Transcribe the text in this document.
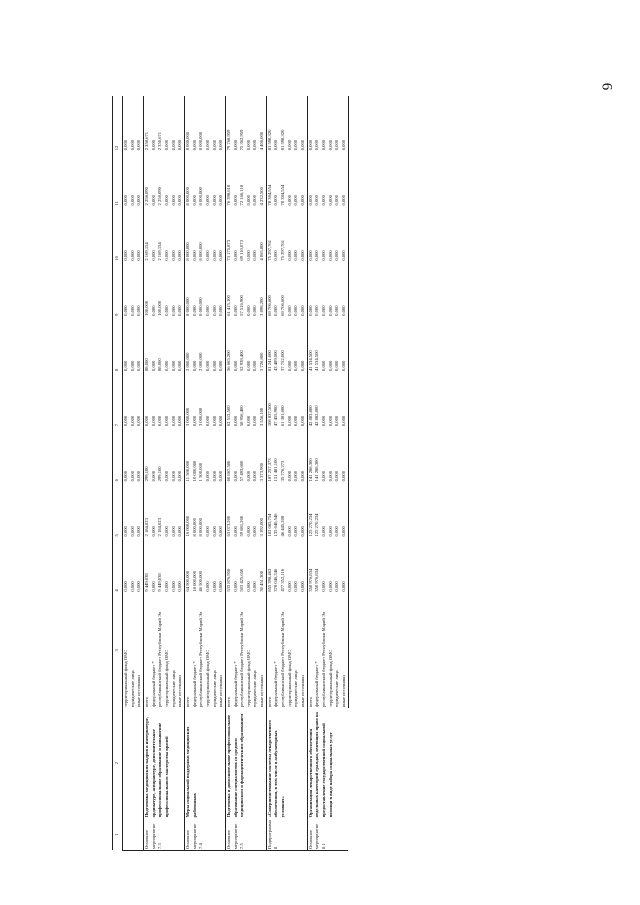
6
1	2	3	4	5	6	7	8	9	10	11	12
		территориальный фонд ОМС	0,000	0,000	0,000	0,000	0,000	0,000	0,000	0,000	0,000
		юридические лица	0,000	0,000	0,000	0,000	0,000	0,000	0,000	0,000	0,000
		иные источники	0,000	0,000	0,000	0,000	0,000	0,000	0,000	0,000	0,000
Основное мероприятие 7.3	Подготовка медицинских кадров в интернатуре, ординатуре, аспирантуре, дополнительное профессиональное образование и повышение профессионального мастерства врачей	всего	9 449,038	2 184,023	299,100	0,000	88,000	100,000	2 169,154	2 258,090	2 350,671
		федеральный бюджет *	0,000	0,000	0,000	0,000	0,000	0,000	0,000	0,000	0,000
		республиканский бюджет Республики Марий Эл	9 449,038	2 184,023	299,100	0,000	88,000	100,000	2 169,154	2 258,090	2 350,671
		территориальный фонд ОМС	0,000	0,000	0,000	0,000	0,000	0,000	0,000	0,000	0,000
		юридические лица	0,000	0,000	0,000	0,000	0,000	0,000	0,000	0,000	0,000
		иные источники	0,000	0,000	0,000	0,000	0,000	0,000	0,000	0,000	0,000
Основное мероприятие 7.4	Меры социальной поддержки медицинских работников	всего	64 500,000	16 000,000	11 500,000	3 000,000	2 000,000	8 000,000	8 000,000	8 000,000	8 000,000
		федеральный бюджет *	18 000,000	8 000,000	10 000,000	0,000	0,000	0,000	0,000	0,000	0,000
		республиканский бюджет Республики Марий Эл	46 500,000	8 000,000	1 500,000	3 000,000	2 000,000	8 000,000	8 000,000	8 000,000	8 000,000
		территориальный фонд ОМС	0,000	0,000	0,000	0,000	0,000	0,000	0,000	0,000	0,000
		юридические лица	0,000	0,000	0,000	0,000	0,000	0,000	0,000	0,000	0,000
		иные источники	0,000	0,000	0,000	0,000	0,000	0,000	0,000	0,000	0,000
Основное мероприятие 7.5	Подготовка и дополнительное профессиональное образование специалистов со средним медицинским и фармацевтическим образованием	всего	533 876,950	63 073,200	60 867,500	62 512,500	56 665,200	61 415,100	73 175,873	76 398,618	79 768,959
		федеральный бюджет *	0,000	0,000	0,000	0,000	0,000	0,000	0,000	0,000	0,000
		республиканский бюджет Республики Марий Эл	503 425,650	59 881,200	57 493,600	58 956,400	52 938,400	57 516,900	69 110,073	72 166,118	75 362,959
		территориальный фонд ОМС	0,000	0,000	0,000	0,000	0,000	0,000	0,000	0,000	0,000
		юридические лица	0,000	0,000	0,000	0,000	0,000	0,000	0,000	0,000	0,000
		иные источники	30 451,300	3 192,000	3 373,900	3 556,100	3 726,800	3 898,200	4 065,800	4 232,500	4 406,000
Подпрограмма 8	«Совершенствование системы лекарственного обеспечения, в том числе в амбулаторных условиях»	всего	855 398,462	182 085,754	187 257,373	108 837,500	81 241,000	60 706,600	75 297,761	78 384,554	81 598,320
		федеральный бюджет *	378 046,346	135 640,546	151 481,100	47 455,900	43 489,000	0,000	0,000	0,000	0,000
		республиканский бюджет Республики Марий Эл	477 352,116	46 445,208	35 776,273	61 381,600	37 752,000	60 706,600	75 297,761	78 384,554	81 598,320
		территориальный фонд ОМС	0,000	0,000	0,000	0,000	0,000	0,000	0,000	0,000	0,000
		юридические лица	0,000	0,000	0,000	0,000	0,000	0,000	0,000	0,000	0,000
		иные источники	0,000	0,000	0,000	0,000	0,000	0,000	0,000	0,000	0,000
Основное мероприятие 8.1	Организация лекарственного обеспечения отдельных категорий граждан, имеющих право на предоставление государственной социальной помощи в виде набора социальных услуг	всего	350 976,834	125 270,234	141 288,300	42 883,800	41 534,500	0,000	0,000	0,000	0,000
		федеральный бюджет *	350 976,834	125 270,234	141 288,300	42 882,800	41 534,500	0,000	0,000	0,000	0,000
		республиканский бюджет Республики Марий Эл	0,000	0,000	0,000	0,000	0,000	0,000	0,000	0,000	0,000
		территориальный фонд ОМС	0,000	0,000	0,000	0,000	0,000	0,000	0,000	0,000	0,000
		юридические лица	0,000	0,000	0,000	0,000	0,000	0,000	0,000	0,000	0,000
		иные источники	0,000	0,000	0,000	0,000	0,000	0,000	0,000	0,000	0,000
